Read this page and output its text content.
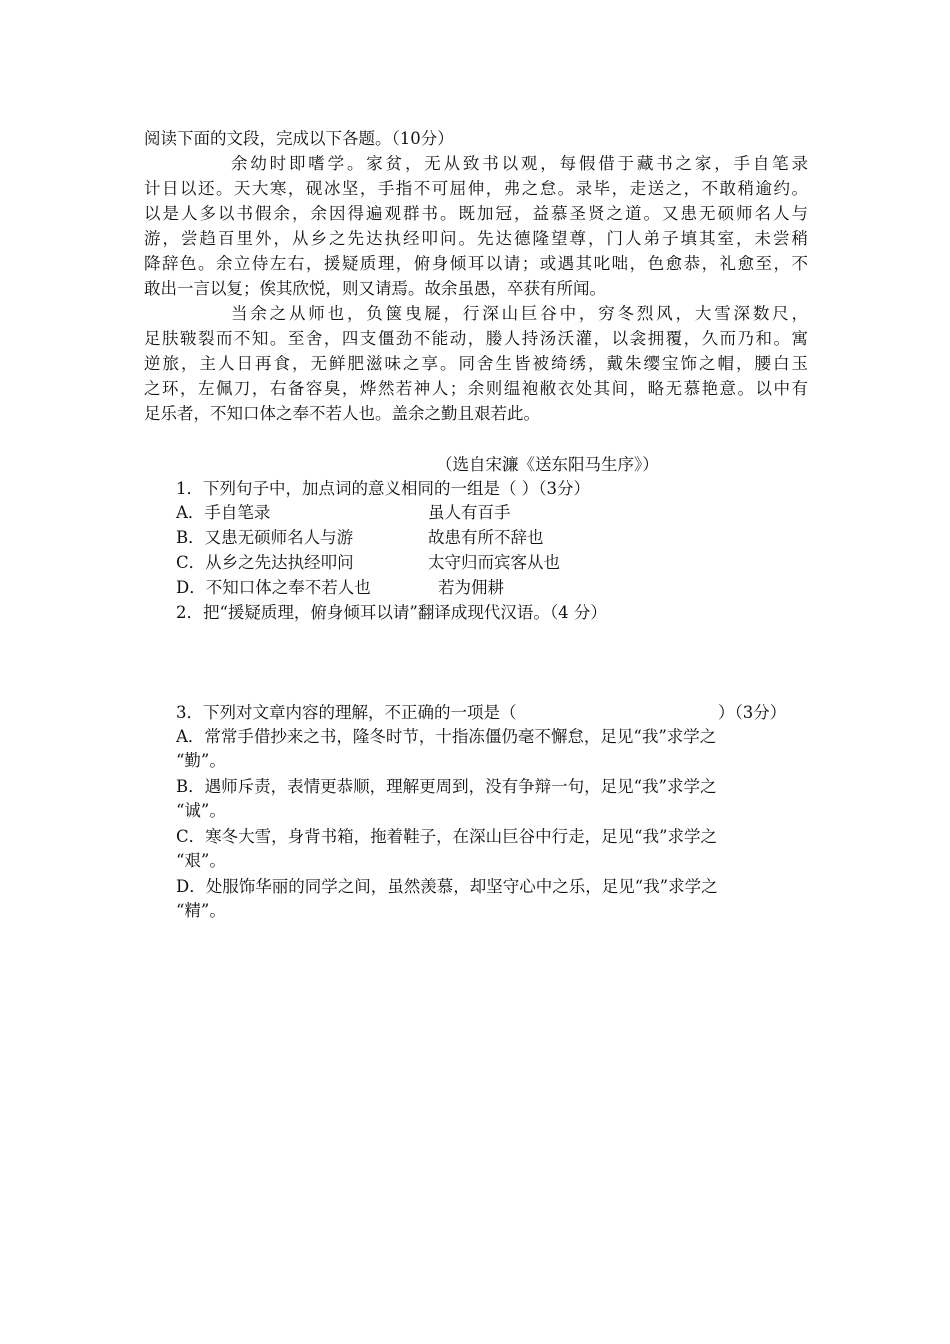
阅读下面的文段，完成以下各题。（10分）
余幼时即嗜学。家贫，无从致书以观，每假借于藏书之家，手自笔录
计日以还。天大寒，砚冰坚，手指不可屈伸，弗之怠。录毕，走送之，不敢稍逾约。
以是人多以书假余，余因得遍观群书。既加冠，益慕圣贤之道。又患无硕师名人与
游，尝趋百里外，从乡之先达执经叩问。先达德隆望尊，门人弟子填其室，未尝稍
降辞色。余立侍左右，援疑质理，俯身倾耳以请；或遇其叱咄，色愈恭，礼愈至，不
敢出一言以复；俟其欣悦，则又请焉。故余虽愚，卒获有所闻。
当余之从师也，负箧曳屣，行深山巨谷中，穷冬烈风，大雪深数尺，
足肤皲裂而不知。至舍，四支僵劲不能动，媵人持汤沃灌，以衾拥覆，久而乃和。寓
逆旅，主人日再食，无鲜肥滋味之享。同舍生皆被绮绣，戴朱缨宝饰之帽，腰白玉
之环，左佩刀，右备容臭，烨然若神人；余则缊袍敝衣处其间，略无慕艳意。以中有
足乐者，不知口体之奉不若人也。盖余之勤且艰若此。
（选自宋濂《送东阳马生序》）
1．下列句子中，加点词的意义相同的一组是（ ）（3分）
A．手自笔录	虽人有百手
B．又患无硕师名人与游	故患有所不辞也
C．从乡之先达执经叩问	太守归而宾客从也
D．不知口体之奉不若人也	若为佣耕
2．把“援疑质理，俯身倾耳以请”翻译成现代汉语。（4 分）
3．下列对文章内容的理解，不正确的一项是（	）（3分）
A．常常手借抄来之书，隆冬时节，十指冻僵仍毫不懈怠，足见“我”求学之
“勤”。
B．遇师斥责，表情更恭顺，理解更周到，没有争辩一句，足见“我”求学之
“诚”。
C．寒冬大雪，身背书箱，拖着鞋子，在深山巨谷中行走，足见“我”求学之
“艰”。
D．处服饰华丽的同学之间，虽然羡慕，却坚守心中之乐，足见“我”求学之
“精”。
